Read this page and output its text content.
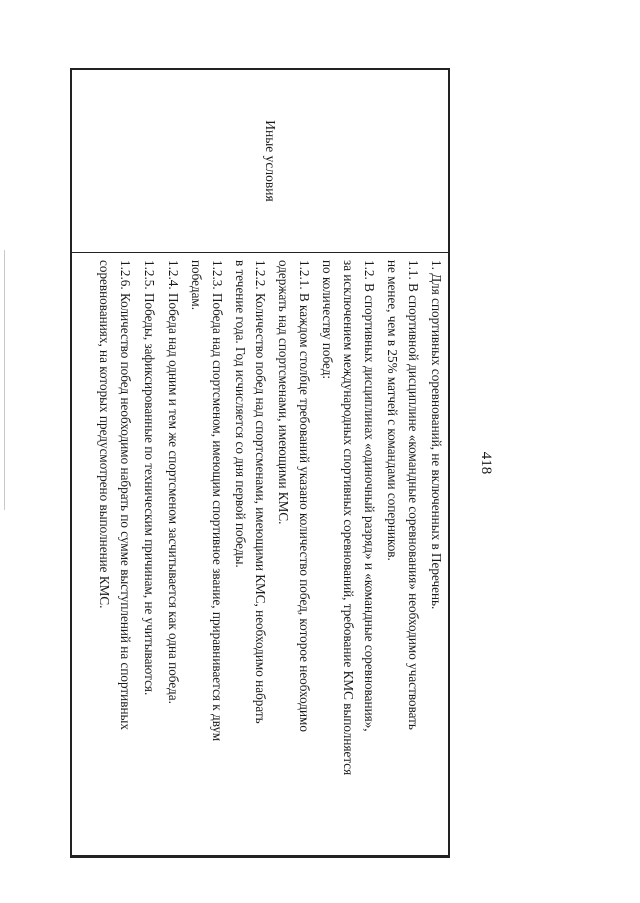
418
Иные условия
1. Для спортивных соревнований, не включенных в Перечень.
1.1. В спортивной дисциплине «командные соревнования» необходимо участвовать
не менее, чем в 25% матчей с командами соперников.
1.2. В спортивных дисциплинах «одиночный разряд» и «командные соревнования»,
за исключением международных спортивных соревнований, требование КМС выполняется
по количеству побед:
1.2.1. В каждом столбце требований указано количество побед, которое необходимо
одержать над спортсменами, имеющими КМС.
1.2.2. Количество побед над спортсменами, имеющими КМС, необходимо набрать
в течение года. Год исчисляется со дня первой победы.
1.2.3. Победа над спортсменом, имеющим спортивное звание, приравнивается к двум
победам.
1.2.4. Победа над одним и тем же спортсменом засчитывается как одна победа.
1.2.5. Победы, зафиксированные по техническим причинам, не учитываются.
1.2.6. Количество побед необходимо набрать по сумме выступлений на спортивных
соревнованиях, на которых предусмотрено выполнение КМС.
